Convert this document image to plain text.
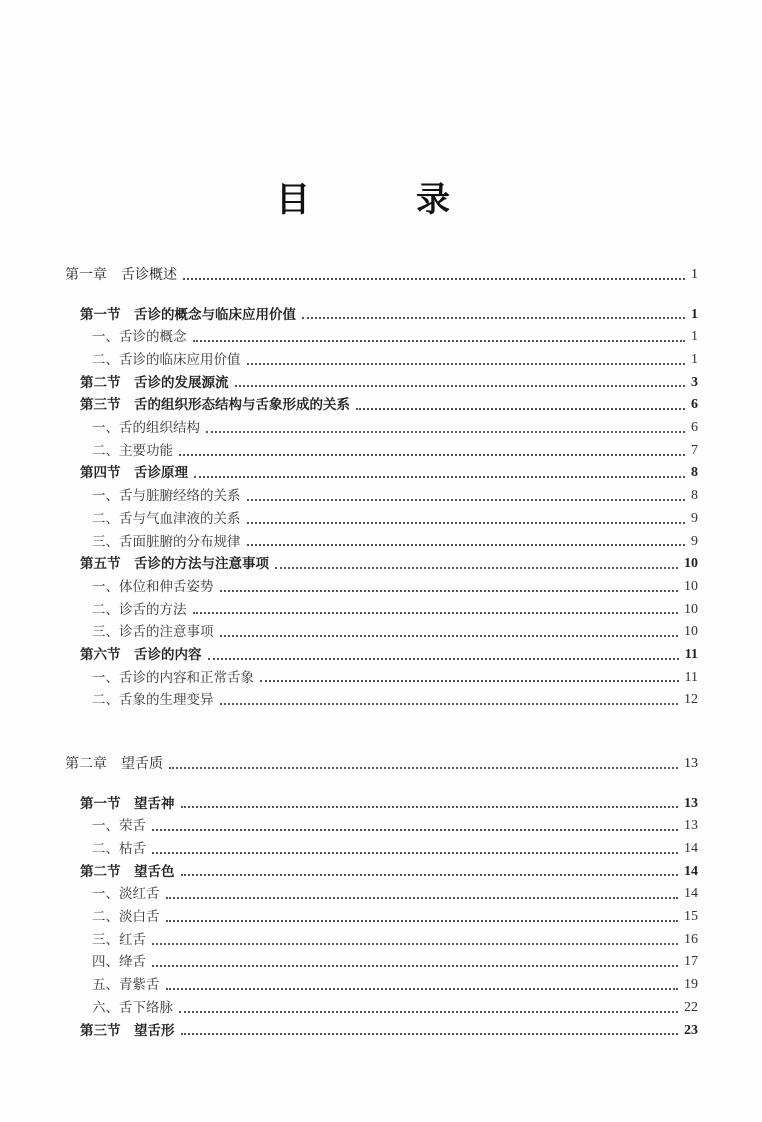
目　录
第一章　舌诊概述	1
第一节　舌诊的概念与临床应用价值	1
一、舌诊的概念	1
二、舌诊的临床应用价值	1
第二节　舌诊的发展源流	3
第三节　舌的组织形态结构与舌象形成的关系	6
一、舌的组织结构	6
二、主要功能	7
第四节　舌诊原理	8
一、舌与脏腑经络的关系	8
二、舌与气血津液的关系	9
三、舌面脏腑的分布规律	9
第五节　舌诊的方法与注意事项	10
一、体位和伸舌姿势	10
二、诊舌的方法	10
三、诊舌的注意事项	10
第六节　舌诊的内容	11
一、舌诊的内容和正常舌象	11
二、舌象的生理变异	12
第二章　望舌质	13
第一节　望舌神	13
一、荣舌	13
二、枯舌	14
第二节　望舌色	14
一、淡红舌	14
二、淡白舌	15
三、红舌	16
四、绛舌	17
五、青紫舌	19
六、舌下络脉	22
第三节　望舌形	23
